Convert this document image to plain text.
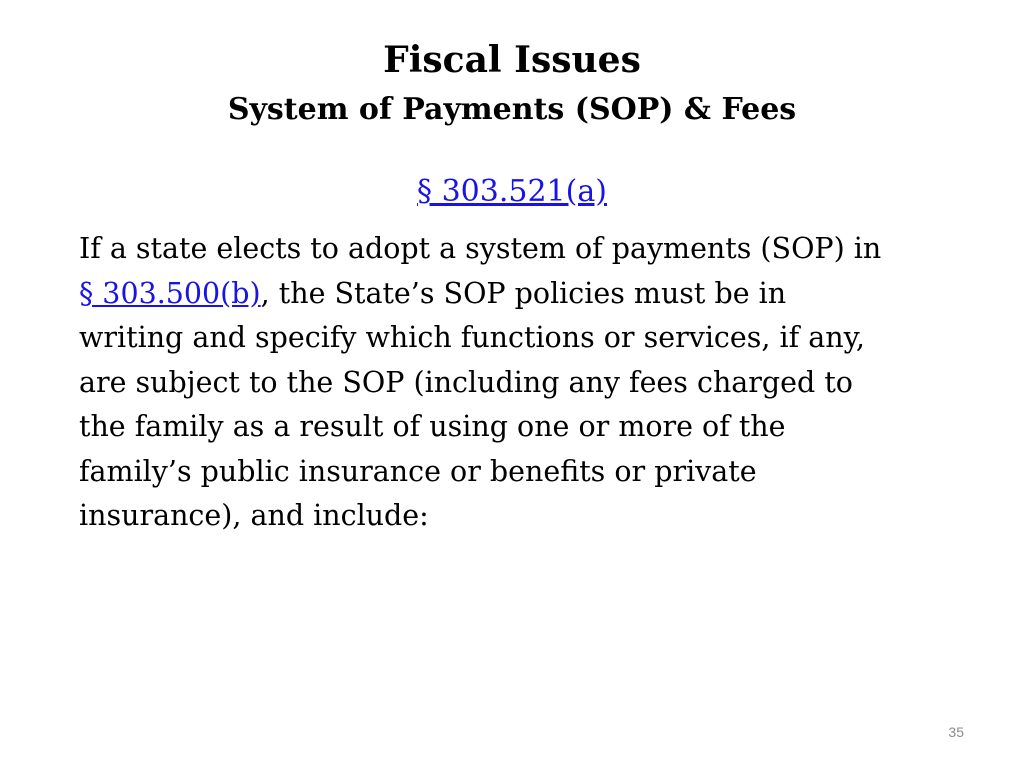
Fiscal Issues
System of Payments (SOP) & Fees
§ 303.521(a)

If a state elects to adopt a system of payments (SOP) in
§ 303.500(b), the State’s SOP policies must be in
writing and specify which functions or services, if any,
are subject to the SOP (including any fees charged to
the family as a result of using one or more of the
family’s public insurance or benefits or private
insurance), and include:

35
